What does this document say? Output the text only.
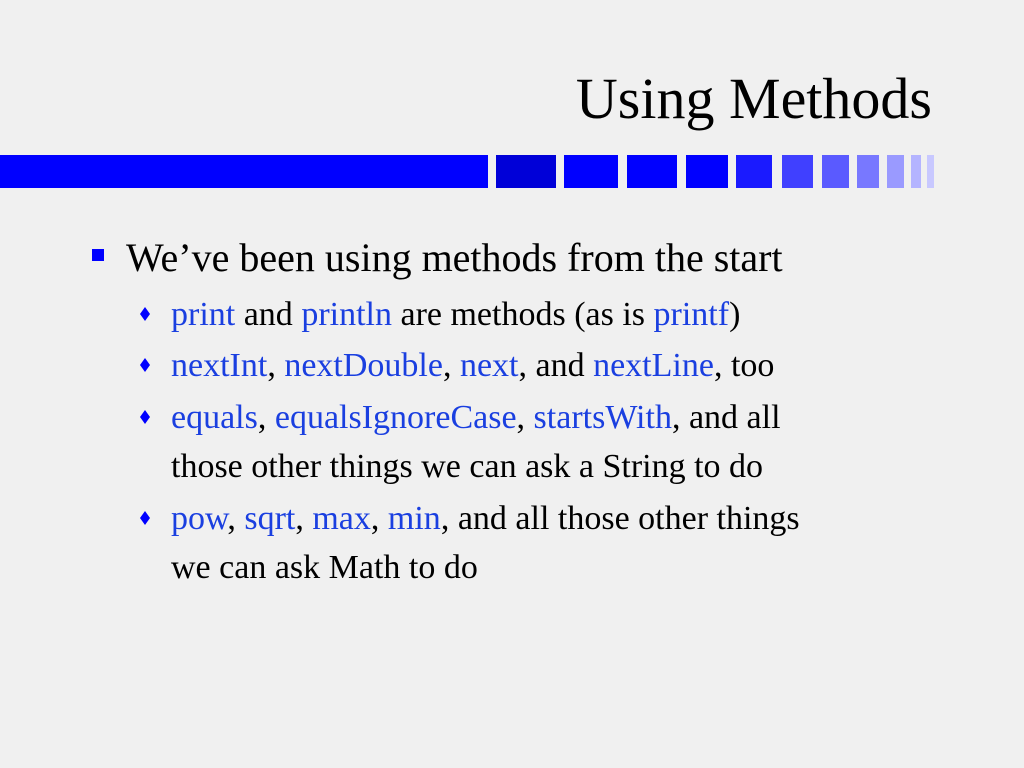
Using Methods
We’ve been using methods from the start
print and println are methods (as is printf)
nextInt, nextDouble, next, and nextLine, too
equals, equalsIgnoreCase, startsWith, and all
those other things we can ask a String to do
pow, sqrt, max, min, and all those other things
we can ask Math to do
